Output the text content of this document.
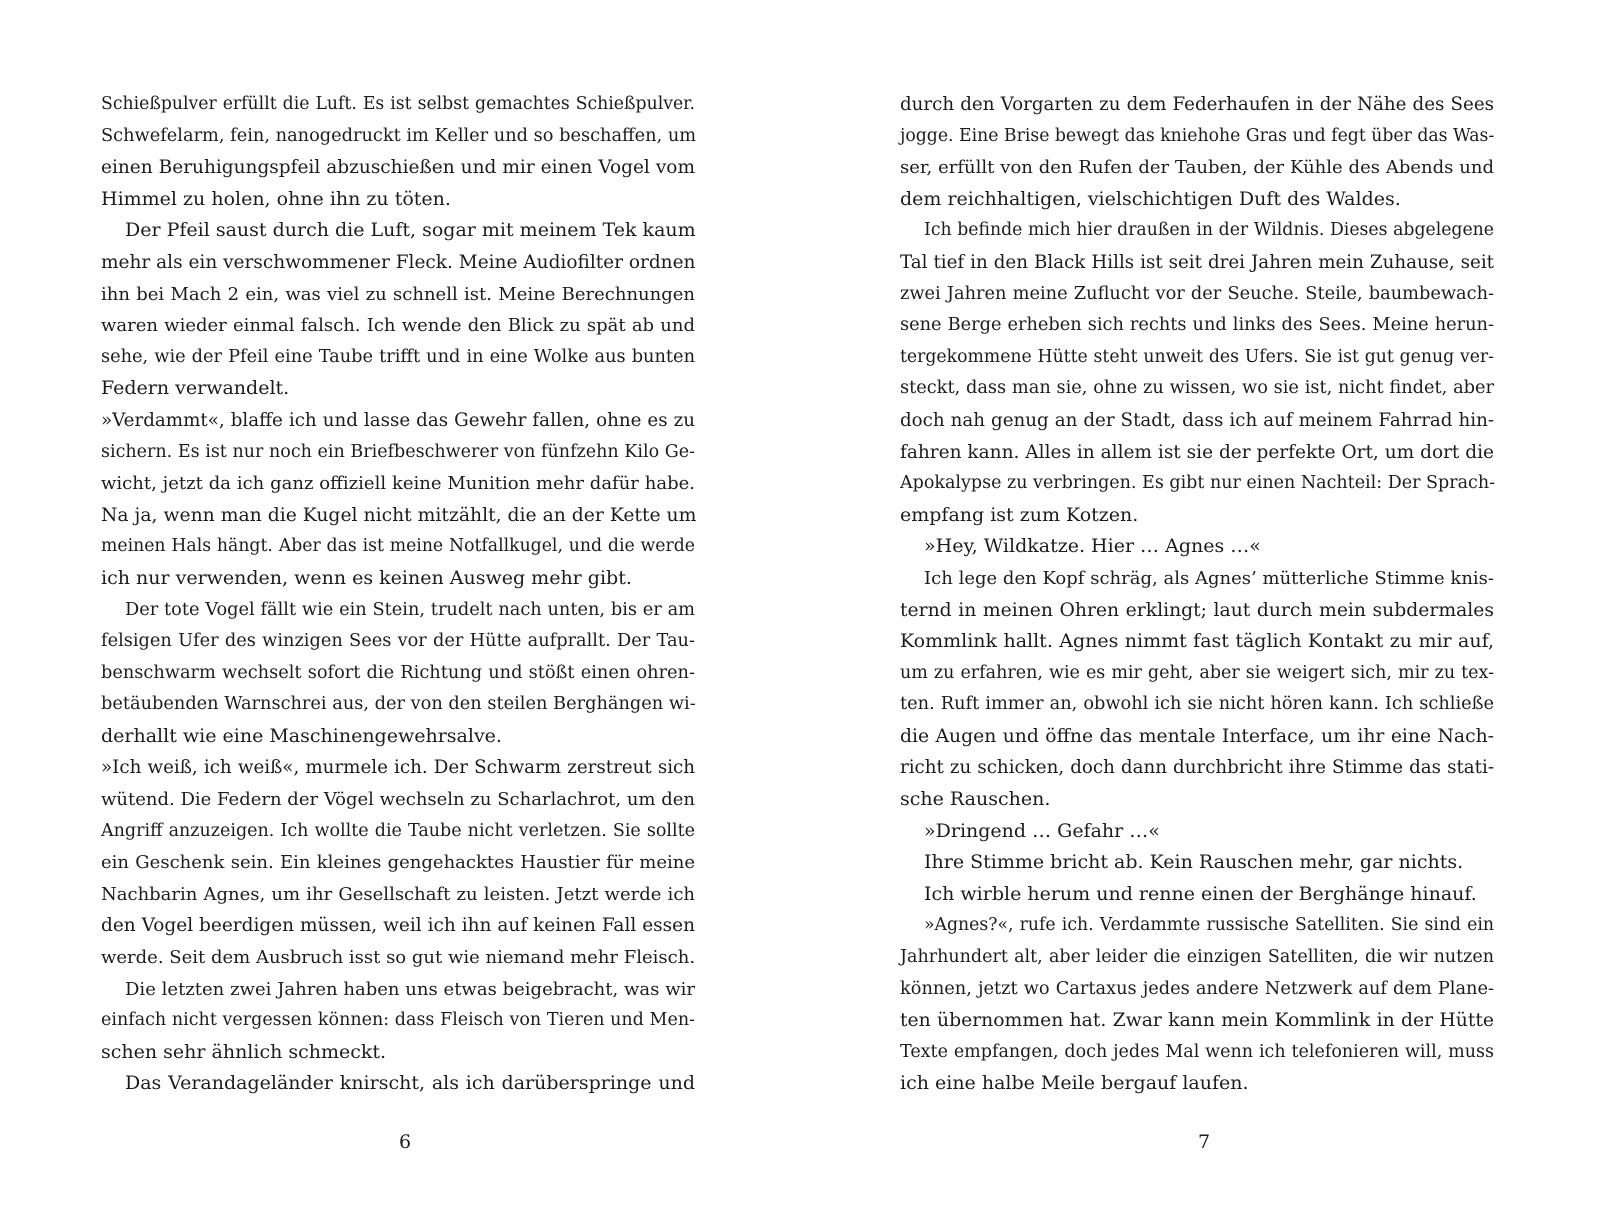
Schießpulver erfüllt die Luft. Es ist selbst gemachtes Schießpulver.
Schwefelarm, fein, nanogedruckt im Keller und so beschaffen, um
einen Beruhigungspfeil abzuschießen und mir einen Vogel vom
Himmel zu holen, ohne ihn zu töten.
Der Pfeil saust durch die Luft, sogar mit meinem Tek kaum
mehr als ein verschwommener Fleck. Meine Audiofilter ordnen
ihn bei Mach 2 ein, was viel zu schnell ist. Meine Berechnungen
waren wieder einmal falsch. Ich wende den Blick zu spät ab und
sehe, wie der Pfeil eine Taube trifft und in eine Wolke aus bunten
Federn verwandelt.
»Verdammt«, blaffe ich und lasse das Gewehr fallen, ohne es zu
sichern. Es ist nur noch ein Briefbeschwerer von fünfzehn Kilo Ge-
wicht, jetzt da ich ganz offiziell keine Munition mehr dafür habe.
Na ja, wenn man die Kugel nicht mitzählt, die an der Kette um
meinen Hals hängt. Aber das ist meine Notfallkugel, und die werde
ich nur verwenden, wenn es keinen Ausweg mehr gibt.
Der tote Vogel fällt wie ein Stein, trudelt nach unten, bis er am
felsigen Ufer des winzigen Sees vor der Hütte aufprallt. Der Tau-
benschwarm wechselt sofort die Richtung und stößt einen ohren-
betäubenden Warnschrei aus, der von den steilen Berghängen wi-
derhallt wie eine Maschinengewehrsalve.
»Ich weiß, ich weiß«, murmele ich. Der Schwarm zerstreut sich
wütend. Die Federn der Vögel wechseln zu Scharlachrot, um den
Angriff anzuzeigen. Ich wollte die Taube nicht verletzen. Sie sollte
ein Geschenk sein. Ein kleines gengehacktes Haustier für meine
Nachbarin Agnes, um ihr Gesellschaft zu leisten. Jetzt werde ich
den Vogel beerdigen müssen, weil ich ihn auf keinen Fall essen
werde. Seit dem Ausbruch isst so gut wie niemand mehr Fleisch.
Die letzten zwei Jahren haben uns etwas beigebracht, was wir
einfach nicht vergessen können: dass Fleisch von Tieren und Men-
schen sehr ähnlich schmeckt.
Das Verandageländer knirscht, als ich darüberspringe und
durch den Vorgarten zu dem Federhaufen in der Nähe des Sees
jogge. Eine Brise bewegt das kniehohe Gras und fegt über das Was-
ser, erfüllt von den Rufen der Tauben, der Kühle des Abends und
dem reichhaltigen, vielschichtigen Duft des Waldes.
Ich befinde mich hier draußen in der Wildnis. Dieses abgelegene
Tal tief in den Black Hills ist seit drei Jahren mein Zuhause, seit
zwei Jahren meine Zuflucht vor der Seuche. Steile, baumbewach-
sene Berge erheben sich rechts und links des Sees. Meine herun-
tergekommene Hütte steht unweit des Ufers. Sie ist gut genug ver-
steckt, dass man sie, ohne zu wissen, wo sie ist, nicht findet, aber
doch nah genug an der Stadt, dass ich auf meinem Fahrrad hin-
fahren kann. Alles in allem ist sie der perfekte Ort, um dort die
Apokalypse zu verbringen. Es gibt nur einen Nachteil: Der Sprach-
empfang ist zum Kotzen.
»Hey, Wildkatze. Hier … Agnes …«
Ich lege den Kopf schräg, als Agnes’ mütterliche Stimme knis-
ternd in meinen Ohren erklingt; laut durch mein subdermales
Kommlink hallt. Agnes nimmt fast täglich Kontakt zu mir auf,
um zu erfahren, wie es mir geht, aber sie weigert sich, mir zu tex-
ten. Ruft immer an, obwohl ich sie nicht hören kann. Ich schließe
die Augen und öffne das mentale Interface, um ihr eine Nach-
richt zu schicken, doch dann durchbricht ihre Stimme das stati-
sche Rauschen.
»Dringend … Gefahr …«
Ihre Stimme bricht ab. Kein Rauschen mehr, gar nichts.
Ich wirble herum und renne einen der Berghänge hinauf.
»Agnes?«, rufe ich. Verdammte russische Satelliten. Sie sind ein
Jahrhundert alt, aber leider die einzigen Satelliten, die wir nutzen
können, jetzt wo Cartaxus jedes andere Netzwerk auf dem Plane-
ten übernommen hat. Zwar kann mein Kommlink in der Hütte
Texte empfangen, doch jedes Mal wenn ich telefonieren will, muss
ich eine halbe Meile bergauf laufen.
6	7
